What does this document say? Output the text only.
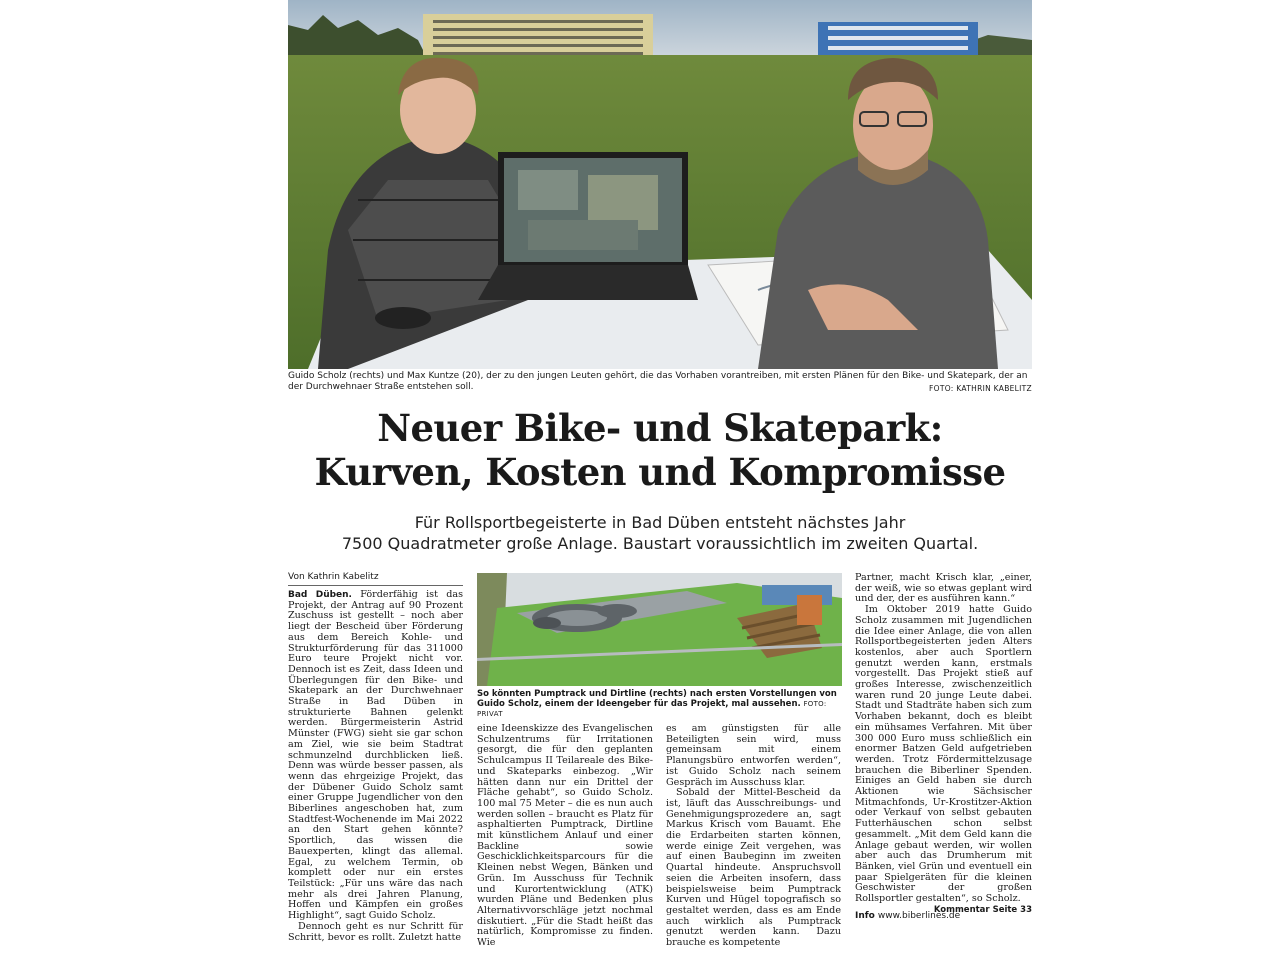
Guido Scholz (rechts) und Max Kuntze (20), der zu den jungen Leuten gehört, die das Vorhaben vorantreiben, mit ersten Plänen für den Bike- und Skatepark, der an der Durchwehnaer Straße entstehen soll.	FOTO: KATHRIN KABELITZ
Neuer Bike- und Skatepark:
Kurven, Kosten und Kompromisse
Für Rollsportbegeisterte in Bad Düben entsteht nächstes Jahr
7500 Quadratmeter große Anlage. Baustart voraussichtlich im zweiten Quartal.
Von Kathrin Kabelitz

Bad Düben. Förderfähig ist das Projekt, der Antrag auf 90 Prozent Zuschuss ist gestellt – noch aber liegt der Bescheid über Förderung aus dem Bereich Kohle- und Strukturförderung für das 311000 Euro teure Projekt nicht vor. Dennoch ist es Zeit, dass Ideen und Überlegungen für den Bike- und Skatepark an der Durchwehnaer Straße in Bad Düben in strukturierte Bahnen gelenkt werden. Bürgermeisterin Astrid Münster (FWG) sieht sie gar schon am Ziel, wie sie beim Stadtrat schmunzelnd durchblicken ließ. Denn was würde besser passen, als wenn das ehrgeizige Projekt, das der Dübener Guido Scholz samt einer Gruppe Jugendlicher von den Biberlines angeschoben hat, zum Stadtfest-Wochenende im Mai 2022 an den Start gehen könnte? Sportlich, das wissen die Bauexperten, klingt das allemal. Egal, zu welchem Termin, ob komplett oder nur ein erstes Teilstück: „Für uns wäre das nach mehr als drei Jahren Planung, Hoffen und Kämpfen ein großes Highlight“, sagt Guido Scholz.

Dennoch geht es nur Schritt für Schritt, bevor es rollt. Zuletzt hatte

So könnten Pumptrack und Dirtline (rechts) nach ersten Vorstellungen von Guido Scholz, einem der Ideengeber für das Projekt, mal aussehen. FOTO: PRIVAT

eine Ideenskizze des Evangelischen Schulzentrums für Irritationen gesorgt, die für den geplanten Schulcampus II Teilareale des Bike- und Skateparks einbezog. „Wir hätten dann nur ein Drittel der Fläche gehabt“, so Guido Scholz. 100 mal 75 Meter – die es nun auch werden sollen – braucht es Platz für asphaltierten Pumptrack, Dirtline mit künstlichem Anlauf und einer Backline sowie Geschicklichkeitsparcours für die Kleinen nebst Wegen, Bänken und Grün. Im Ausschuss für Technik und Kurortentwicklung (ATK) wurden Pläne und Bedenken plus Alternativvorschläge jetzt nochmal diskutiert. „Für die Stadt heißt das natürlich, Kompromisse zu finden. Wie

es am günstigsten für alle Beteiligten sein wird, muss gemeinsam mit einem Planungsbüro entworfen werden“, ist Guido Scholz nach seinem Gespräch im Ausschuss klar.

Sobald der Mittel-Bescheid da ist, läuft das Ausschreibungs- und Genehmigungsprozedere an, sagt Markus Krisch vom Bauamt. Ehe die Erdarbeiten starten können, werde einige Zeit vergehen, was auf einen Baubeginn im zweiten Quartal hindeute. Anspruchsvoll seien die Arbeiten insofern, dass beispielsweise beim Pumptrack Kurven und Hügel topografisch so gestaltet werden, dass es am Ende auch wirklich als Pumptrack genutzt werden kann. Dazu brauche es kompetente

Partner, macht Krisch klar, „einer, der weiß, wie so etwas geplant wird und der, der es ausführen kann.“

Im Oktober 2019 hatte Guido Scholz zusammen mit Jugendlichen die Idee einer Anlage, die von allen Rollsportbegeisterten jeden Alters kostenlos, aber auch Sportlern genutzt werden kann, erstmals vorgestellt. Das Projekt stieß auf großes Interesse, zwischenzeitlich waren rund 20 junge Leute dabei. Stadt und Stadträte haben sich zum Vorhaben bekannt, doch es bleibt ein mühsames Verfahren. Mit über 300 000 Euro muss schließlich ein enormer Batzen Geld aufgetrieben werden. Trotz Fördermittelzusage brauchen die Biberliner Spenden. Einiges an Geld haben sie durch Aktionen wie Sächsischer Mitmachfonds, Ur-Krostitzer-Aktion oder Verkauf von selbst gebauten Futterhäuschen schon selbst gesammelt. „Mit dem Geld kann die Anlage gebaut werden, wir wollen aber auch das Drumherum mit Bänken, viel Grün und eventuell ein paar Spielgeräten für die kleinen Geschwister der großen Rollsportler gestalten“, so Scholz.
Kommentar Seite 33

Info www.biberlines.de
